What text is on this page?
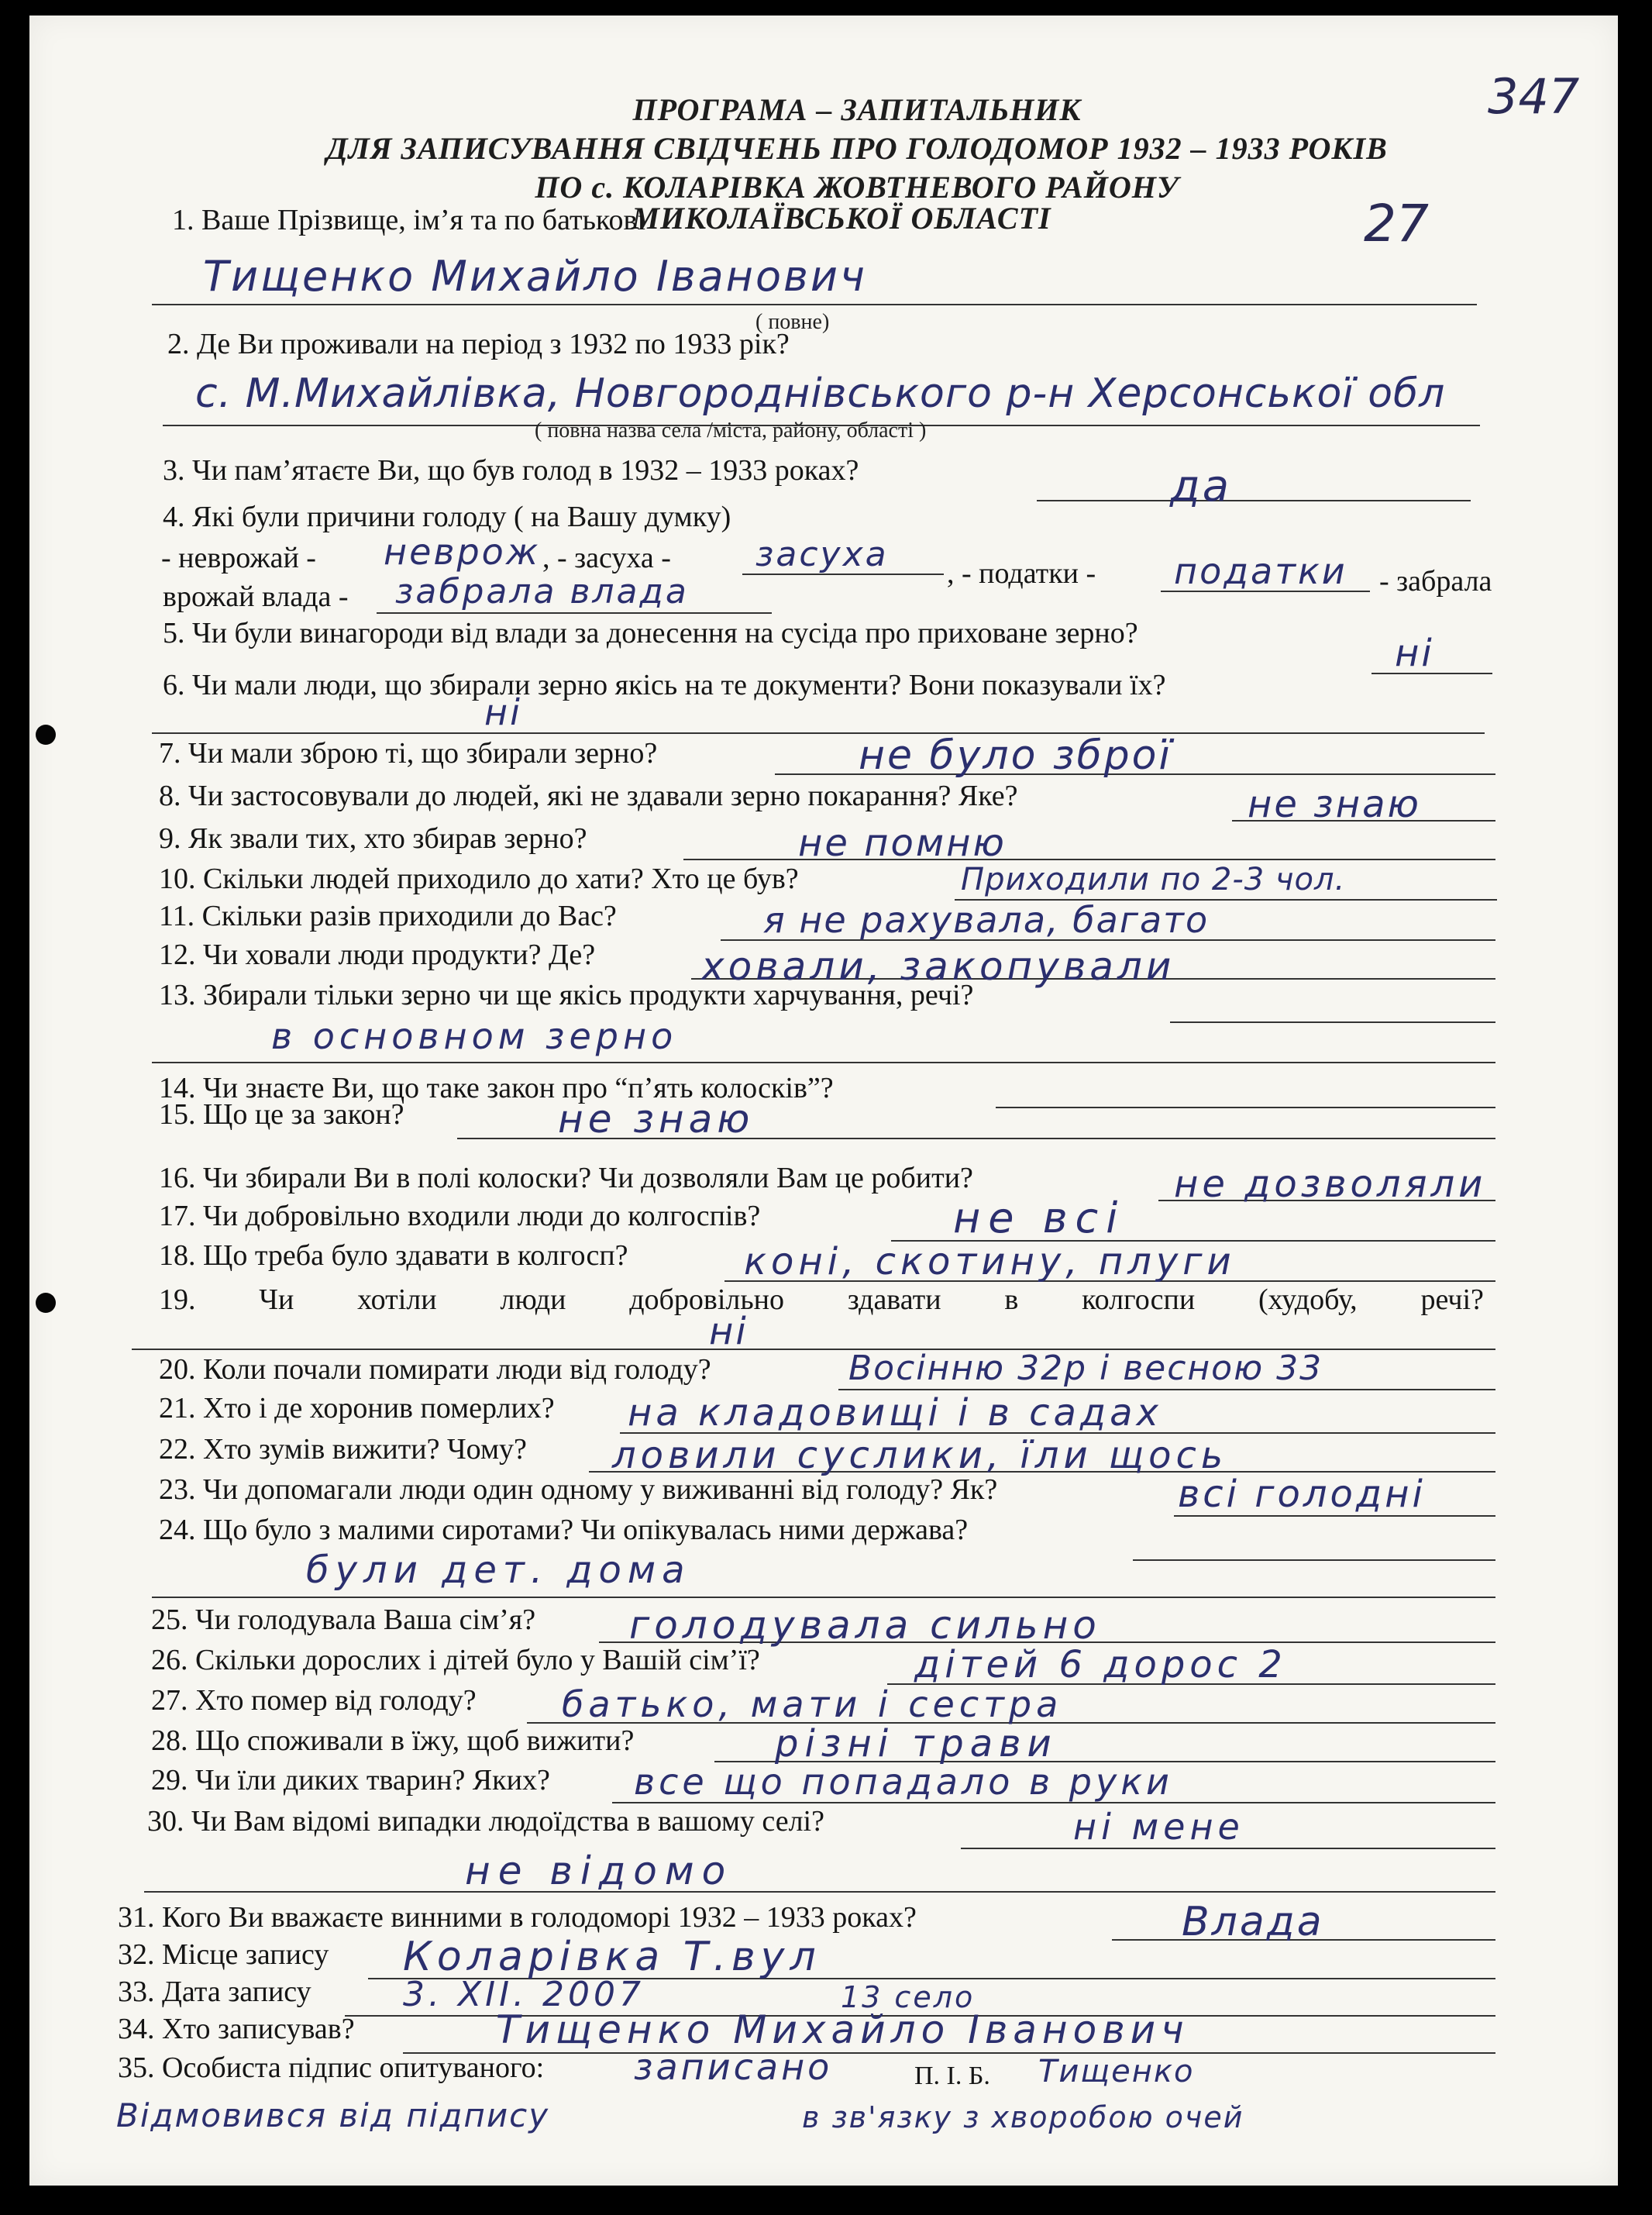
ПРОГРАМА – ЗАПИТАЛЬНИК
ДЛЯ ЗАПИСУВАННЯ СВІДЧЕНЬ ПРО ГОЛОДОМОР 1932 – 1933 РОКІВ
ПО с. КОЛАРІВКА ЖОВТНЕВОГО РАЙОНУ
МИКОЛАЇВСЬКОЇ ОБЛАСТІ
347
27
1. Ваше Прізвище, ім’я та по батькові
Тищенко Михайло Іванович
( повне)
2. Де Ви проживали на період з 1932 по 1933 рік?
с. М.Михайлівка, Новгороднівського р-н Херсонської обл
( повна назва села /міста, району, області )
3. Чи пам’ятаєте Ви, що був голод в 1932 – 1933 роках?	да
4. Які були причини голоду ( на Вашу думку)
- неврожай - неврож , - засуха - засуха , - податки - податки - забрала
врожай влада - забрала влада
5. Чи були винагороди від влади за донесення на сусіда про приховане зерно?	ні
6. Чи мали люди, що збирали зерно якісь на те документи? Вони показували їх?
ні
7. Чи мали зброю ті, що збирали зерно?	не було зброї
8. Чи застосовували до людей, які не здавали зерно покарання? Яке?	не знаю
9. Як звали тих, хто збирав зерно?	не помню
10. Скільки людей приходило до хати? Хто це був?	Приходили по 2-3 чол.
11. Скільки разів приходили до Вас?	я не рахувала, багато
12. Чи ховали люди продукти? Де?	ховали, закопували
13. Збирали тільки зерно чи ще якісь продукти харчування, речі?
в основном зерно
14. Чи знаєте Ви, що таке закон про “п’ять колосків”?
15. Що це за закон?	не знаю
16. Чи збирали Ви в полі колоски? Чи дозволяли Вам це робити?	не дозволяли
17. Чи добровільно входили люди до колгоспів?	не всі
18. Що треба було здавати в колгосп?	коні, скотину, плуги
19. Чи хотіли люди добровільно здавати в колгоспи (худобу, речі?
ні
20. Коли почали помирати люди від голоду?	Восінню 32р і весною 33
21. Хто і де хоронив померлих? на кладовищі і в садах
22. Хто зумів вижити? Чому? ловили суслики, їли щось
23. Чи допомагали люди один одному у виживанні від голоду? Як?	всі голодні
24. Що було з малими сиротами? Чи опікувалась ними держава?
були дет. дома
25. Чи голодувала Ваша сім’я? голодувала сильно
26. Скільки дорослих і дітей було у Вашій сім’ї?	дітей 6 дорос 2
27. Хто помер від голоду? батько, мати і сестра
28. Що споживали в їжу, щоб вижити?	різні трави
29. Чи їли диких тварин? Яких? все що попадало в руки
30. Чи Вам відомі випадки людоїдства в вашому селі?	ні мене
не відомо
31. Кого Ви вважаєте винними в голодоморі 1932 – 1933 роках?	Влада
32. Місце запису Коларівка Т.вул
33. Дата запису	3. ХІІ. 2007	13 село
34. Хто записував?	Тищенко Михайло Іванович
35. Особиста підпис опитуваного:	записано	П. І. Б. Тищенко
Відмовився від підпису	в зв'язку з хворобою очей
